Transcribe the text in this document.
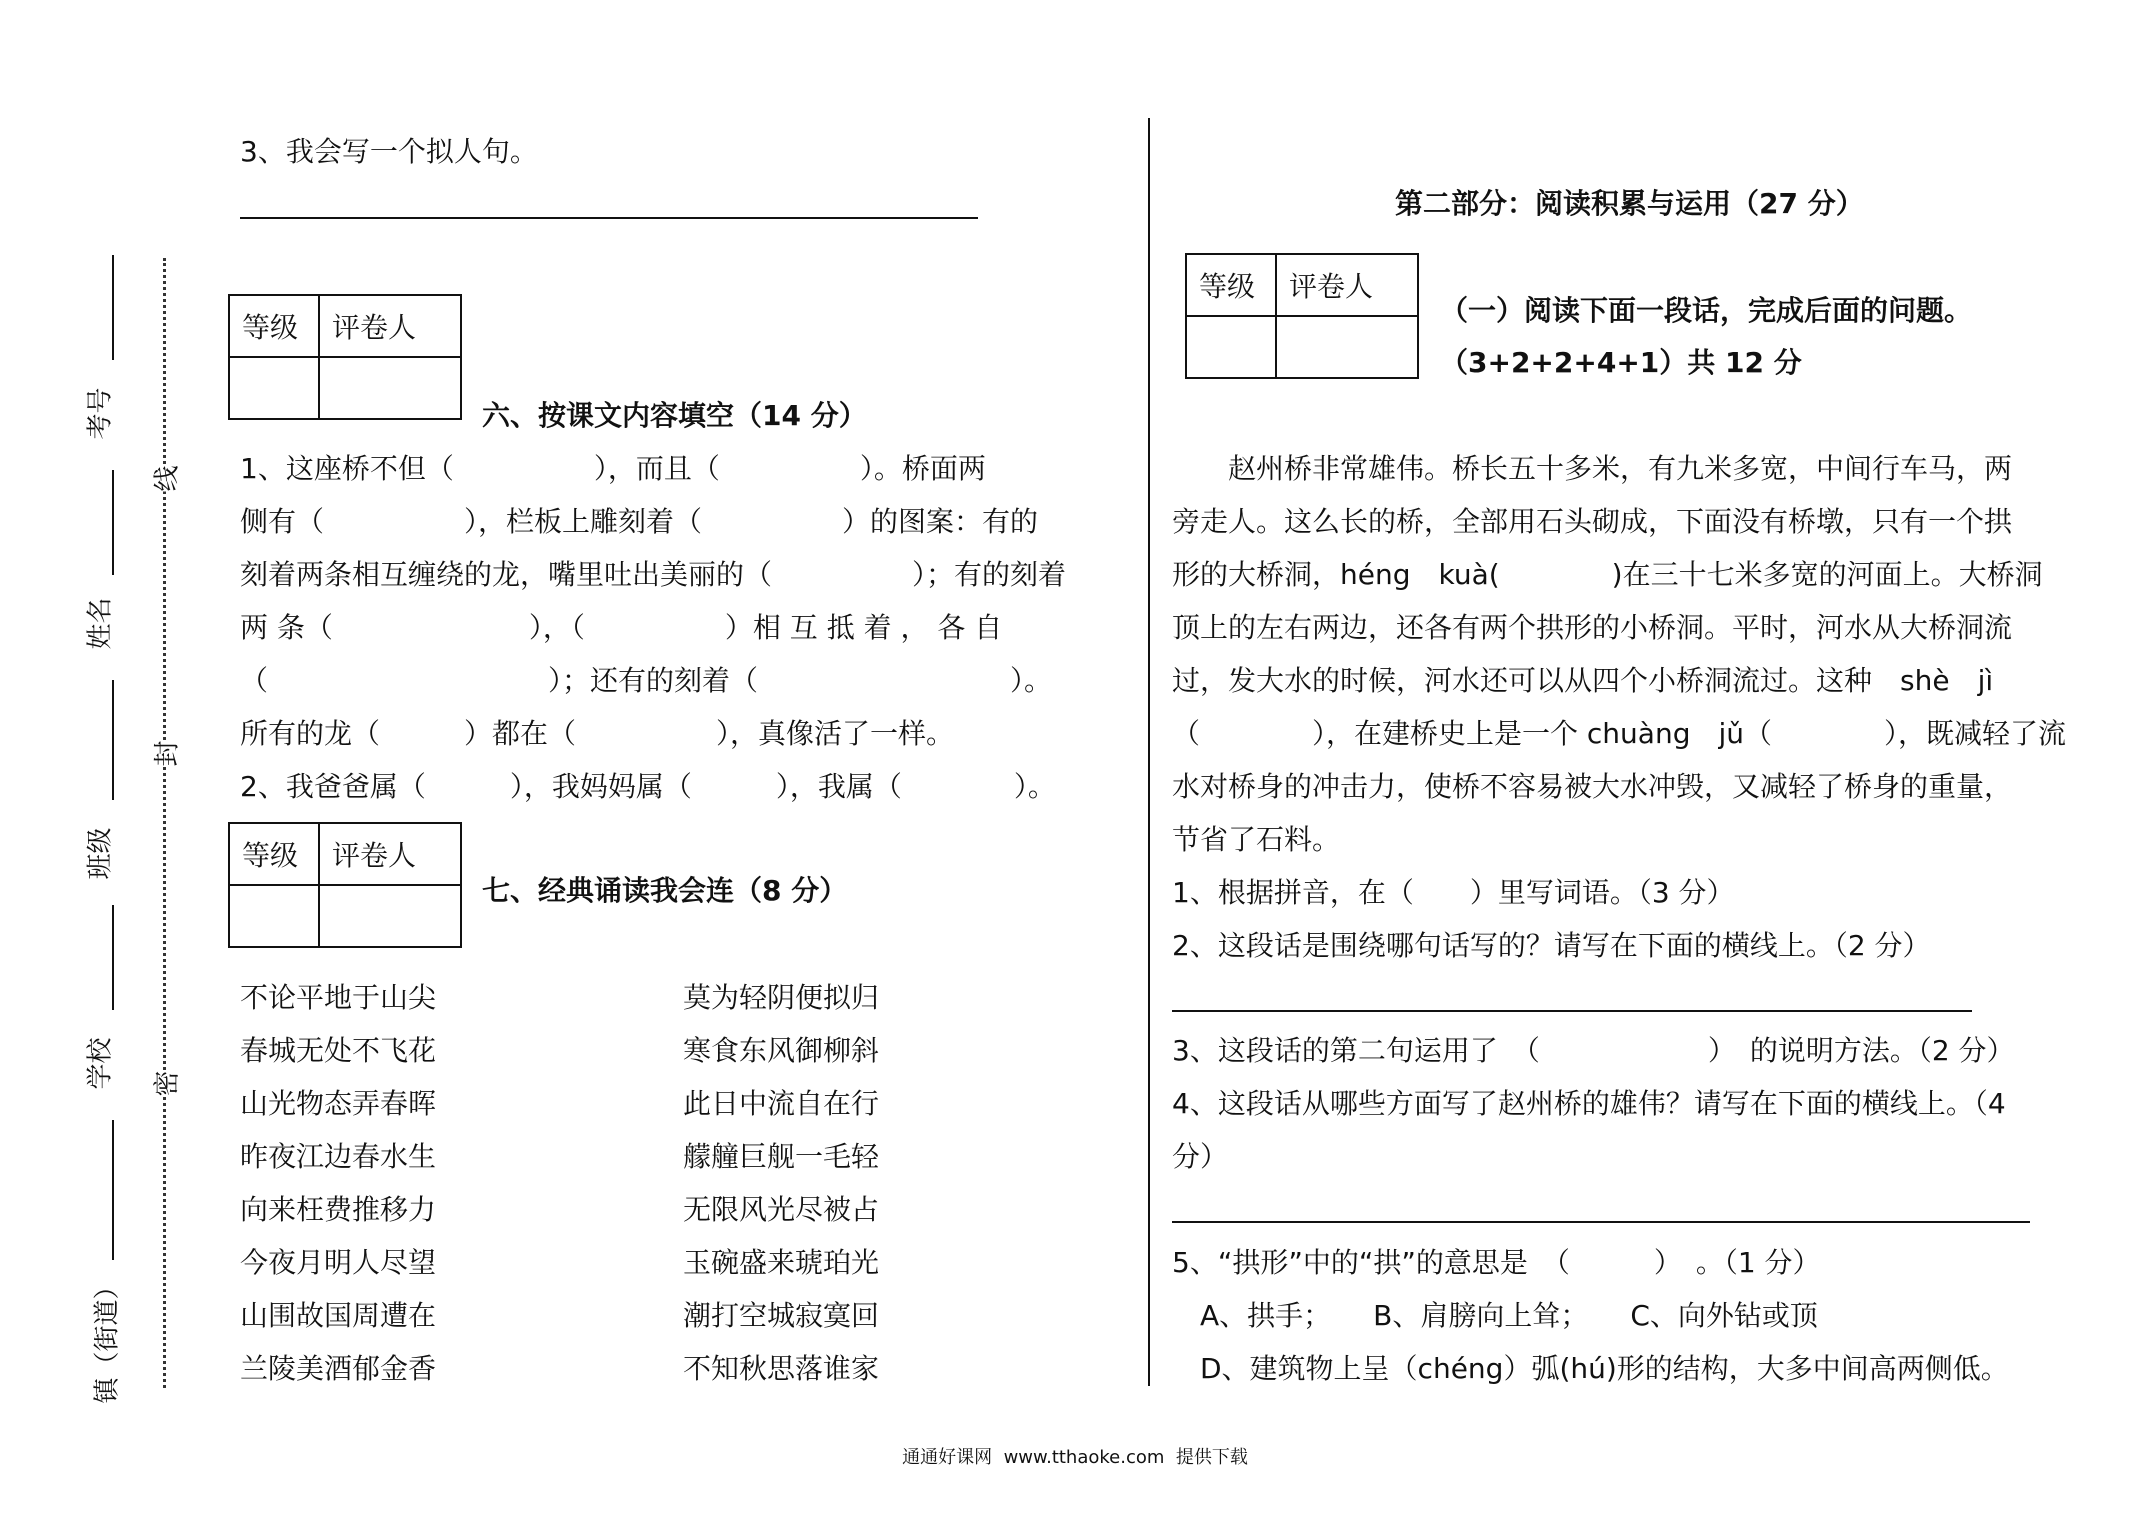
考号
姓名
班级
学校
镇（街道）
线
封
密
3、我会写一个拟人句。
等级	评卷人

六、按课文内容填空（14 分）
1、这座桥不但（　　　　　），而且（　　　　　）。桥面两
侧有（　　　　　），栏板上雕刻着（　　　　　）的图案：有的
刻着两条相互缠绕的龙，嘴里吐出美丽的（　　　　　）；有的刻着
两 条（　　　　　　　），（　　　　　）相 互 抵 着 ， 各 自
（　　　　　　　　　　）；还有的刻着（　　　　　　　　　）。
所有的龙（　　　）都在（　　　　　），真像活了一样。
2、我爸爸属（　　　），我妈妈属（　　　），我属（　　　　）。
等级	评卷人

七、经典诵读我会连（8 分）
不论平地于山尖
春城无处不飞花
山光物态弄春晖
昨夜江边春水生
向来枉费推移力
今夜月明人尽望
山围故国周遭在
兰陵美酒郁金香
莫为轻阴便拟归
寒食东风御柳斜
此日中流自在行
艨艟巨舰一毛轻
无限风光尽被占
玉碗盛来琥珀光
潮打空城寂寞回
不知秋思落谁家
第二部分：阅读积累与运用（27 分）
等级	评卷人

（一）阅读下面一段话，完成后面的问题。
（3+2+2+4+1）共 12 分
　　赵州桥非常雄伟。桥长五十多米，有九米多宽，中间行车马，两
旁走人。这么长的桥，全部用石头砌成，下面没有桥墩，只有一个拱
形的大桥洞，héng　kuà(　　　　)在三十七米多宽的河面上。大桥洞
顶上的左右两边，还各有两个拱形的小桥洞。平时，河水从大桥洞流
过，发大水的时候，河水还可以从四个小桥洞流过。这种　shè　jì
（　　　　），在建桥史上是一个 chuàng　jǔ（　　　　），既减轻了流
水对桥身的冲击力，使桥不容易被大水冲毁，又减轻了桥身的重量，
节省了石料。
1、根据拼音，在（　　）里写词语。（3 分）
2、这段话是围绕哪句话写的？请写在下面的横线上。（2 分）
3、这段话的第二句运用了　（　　　　　　）　的说明方法。（2 分）
4、这段话从哪些方面写了赵州桥的雄伟？请写在下面的横线上。（4
分）
5、“拱形”中的“拱”的意思是　（　　　）　。（1 分）
　A、拱手；　　B、肩膀向上耸；　　C、向外钻或顶
　D、建筑物上呈（chéng）弧(hú)形的结构，大多中间高两侧低。
通通好课网  www.tthaoke.com  提供下载
